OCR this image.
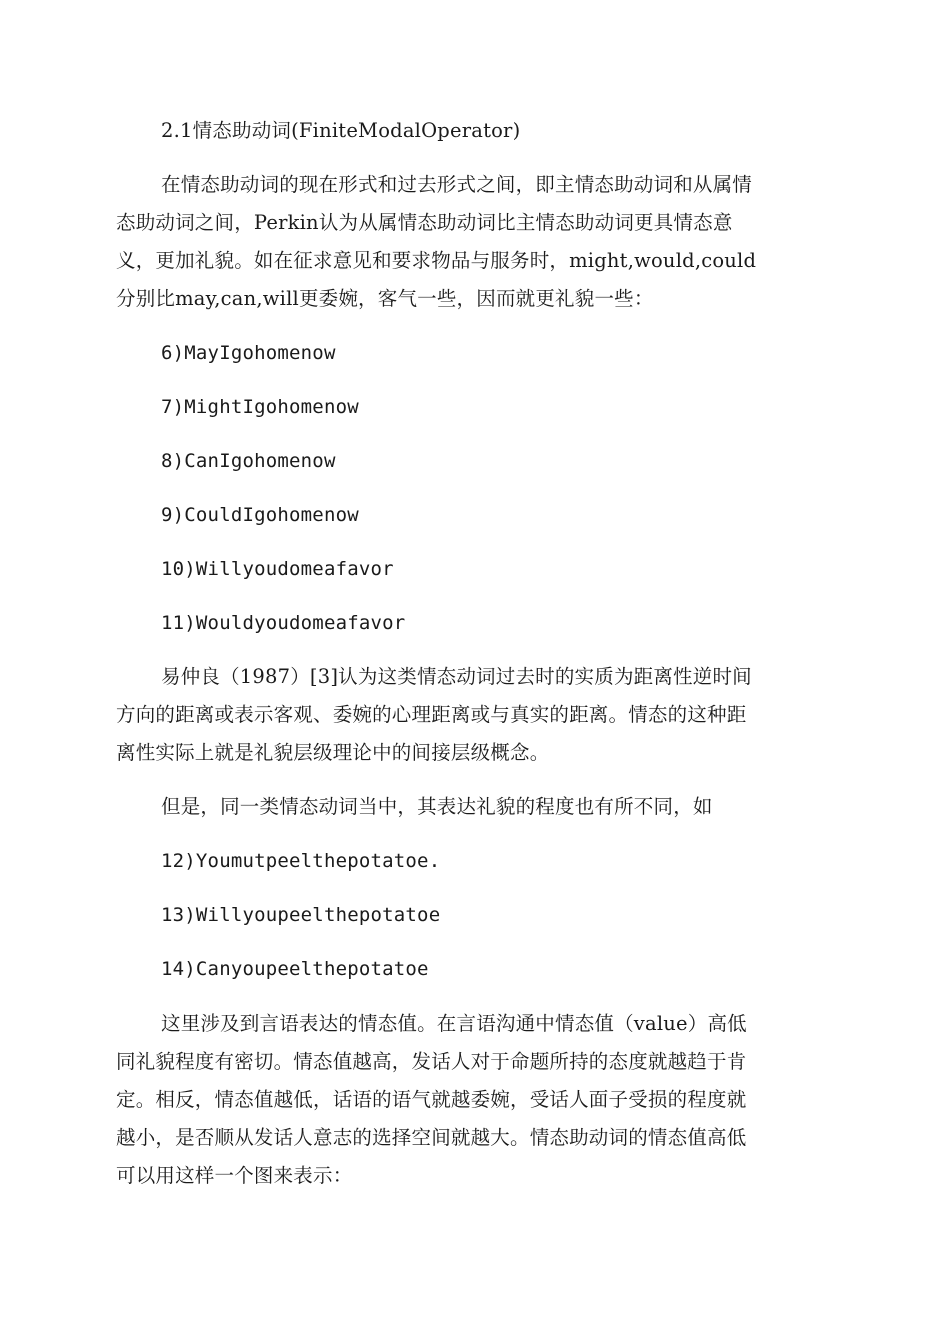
2.1情态助动词(FiniteModalOperator)
在情态助动词的现在形式和过去形式之间，即主情态助动词和从属情
态助动词之间，Perkin认为从属情态助动词比主情态助动词更具情态意
义，更加礼貌。如在征求意见和要求物品与服务时，might,would,could
分别比may,can,will更委婉，客气一些，因而就更礼貌一些：
6)MayIgohomenow
7)MightIgohomenow
8)CanIgohomenow
9)CouldIgohomenow
10)Willyoudomeafavor
11)Wouldyoudomeafavor
易仲良（1987）[3]认为这类情态动词过去时的实质为距离性逆时间
方向的距离或表示客观、委婉的心理距离或与真实的距离。情态的这种距
离性实际上就是礼貌层级理论中的间接层级概念。
但是，同一类情态动词当中，其表达礼貌的程度也有所不同，如
12)Youmutpeelthepotatoe.
13)Willyoupeelthepotatoe
14)Canyoupeelthepotatoe
这里涉及到言语表达的情态值。在言语沟通中情态值（value）高低
同礼貌程度有密切。情态值越高，发话人对于命题所持的态度就越趋于肯
定。相反，情态值越低，话语的语气就越委婉，受话人面子受损的程度就
越小，是否顺从发话人意志的选择空间就越大。情态助动词的情态值高低
可以用这样一个图来表示：
